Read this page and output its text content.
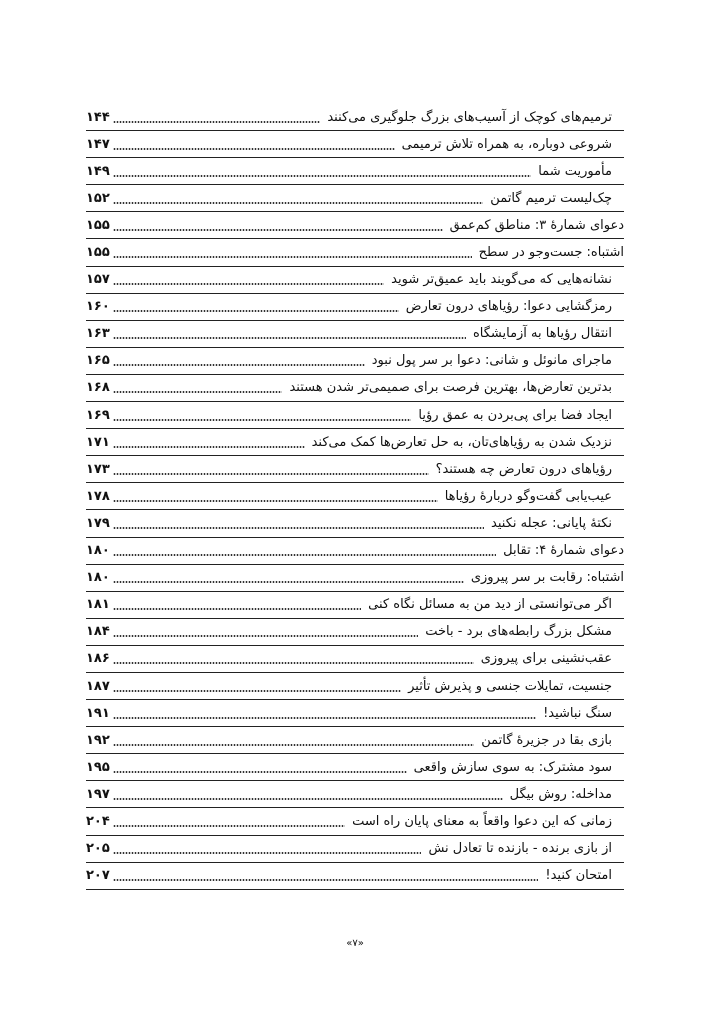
ترمیم‌های کوچک از آسیب‌های بزرگ جلوگیری می‌کنند
۱۴۴
شروعی دوباره، به همراه تلاش ترمیمی
۱۴۷
مأموریت شما
۱۴۹
چک‌لیست ترمیم گاتمن
۱۵۲
دعوای شمارۀ ۳: مناطق کم‌عمق
۱۵۵
اشتباه: جست‌وجو در سطح
۱۵۵
نشانه‌هایی که می‌گویند باید عمیق‌تر شوید
۱۵۷
رمزگشایی دعوا: رؤیاهای درون تعارض
۱۶۰
انتقال رؤیاها به آزمایشگاه
۱۶۳
ماجرای مانوئل و شانی: دعوا بر سر پول نبود
۱۶۵
بدترین تعارض‌ها، بهترین فرصت برای صمیمی‌تر شدن هستند
۱۶۸
ایجاد فضا برای پی‌بردن به عمق رؤیا
۱۶۹
نزدیک شدن به رؤیاهای‌تان، به حل تعارض‌ها کمک می‌کند
۱۷۱
رؤیاهای درون تعارض چه هستند؟
۱۷۳
عیب‌یابی گفت‌وگو دربارۀ رؤیاها
۱۷۸
نکتۀ پایانی: عجله نکنید
۱۷۹
دعوای شمارۀ ۴: تقابل
۱۸۰
اشتباه: رقابت بر سر پیروزی
۱۸۰
اگر می‌توانستی از دید من به مسائل نگاه کنی
۱۸۱
مشکل بزرگ رابطه‌های برد - باخت
۱۸۴
عقب‌نشینی برای پیروزی
۱۸۶
جنسیت، تمایلات جنسی و پذیرش تأثیر
۱۸۷
سنگ نباشید!
۱۹۱
بازی بقا در جزیرۀ گاتمن
۱۹۲
سود مشترک: به سوی سازش واقعی
۱۹۵
مداخله: روش بیگل
۱۹۷
زمانی که این دعوا واقعاً به معنای پایان راه است
۲۰۴
از بازی برنده - بازنده تا تعادل نش
۲۰۵
امتحان کنید!
۲۰۷
«۷»
